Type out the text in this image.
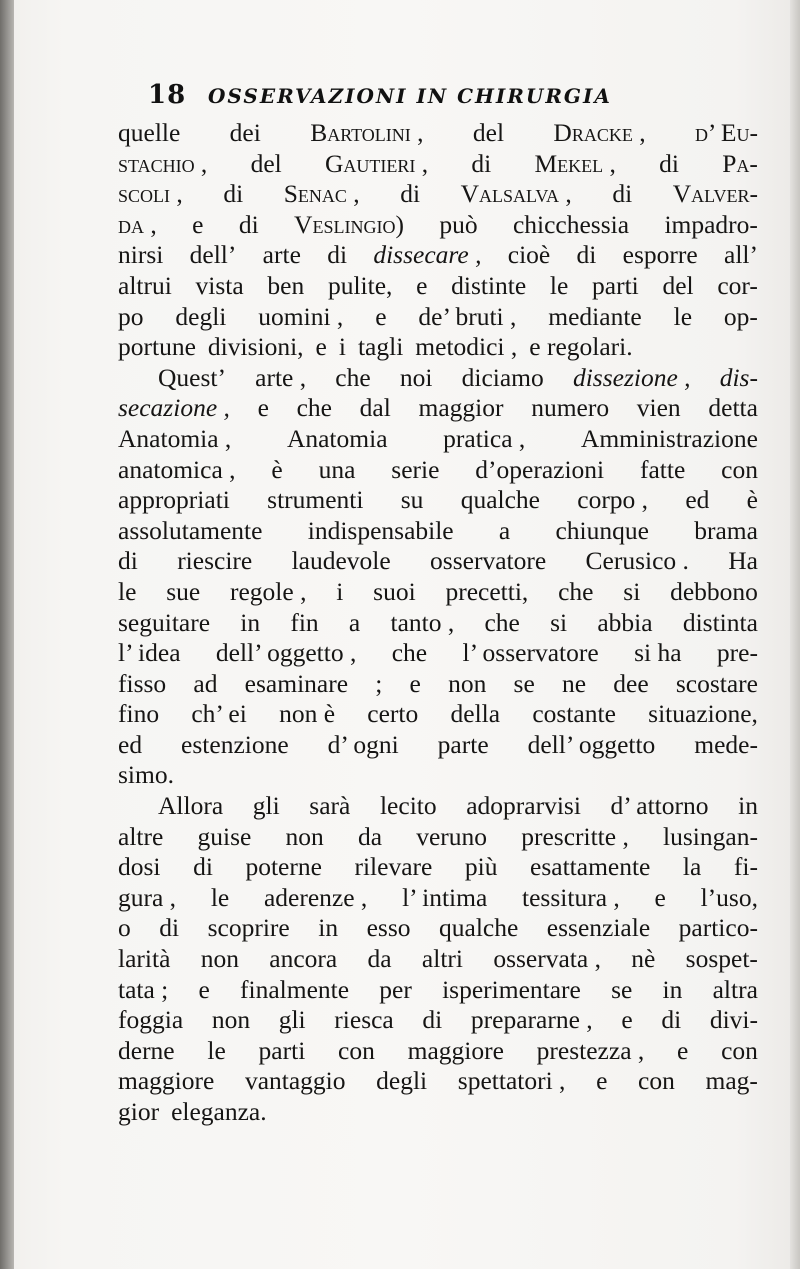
18 OSSERVAZIONI IN CHIRURGIA
quelle dei Bartolini , del Dracke , d’ Eu-
stachio , del Gautieri , di Mekel , di Pa-
scoli , di Senac , di Valsalva , di Valver-
da , e di Veslingio) può chicchessia impadro-
nirsi dell’ arte di dissecare , cioè di esporre all’
altrui vista ben pulite, e distinte le parti del cor-
po degli uomini , e de’ bruti , mediante le op-
portune divisioni, e i tagli metodici , e regolari.
Quest’ arte , che noi diciamo dissezione , dis-
secazione , e che dal maggior numero vien detta
Anatomia , Anatomia pratica , Amministrazione
anatomica , è una serie d’operazioni fatte con
appropriati strumenti su qualche corpo , ed è
assolutamente indispensabile a chiunque brama
di riescire laudevole osservatore Cerusico . Ha
le sue regole , i suoi precetti, che si debbono
seguitare in fin a tanto , che si abbia distinta
l’ idea dell’ oggetto , che l’ osservatore si ha pre-
fisso ad esaminare ; e non se ne dee scostare
fino ch’ ei non è certo della costante situazione,
ed estenzione d’ ogni parte dell’ oggetto mede-
simo.
Allora gli sarà lecito adoprarvisi d’ attorno in
altre guise non da veruno prescritte , lusingan-
dosi di poterne rilevare più esattamente la fi-
gura , le aderenze , l’ intima tessitura , e l’uso,
o di scoprire in esso qualche essenziale partico-
larità non ancora da altri osservata , nè sospet-
tata ; e finalmente per isperimentare se in altra
foggia non gli riesca di prepararne , e di divi-
derne le parti con maggiore prestezza , e con
maggiore vantaggio degli spettatori , e con mag-
gior eleganza.
